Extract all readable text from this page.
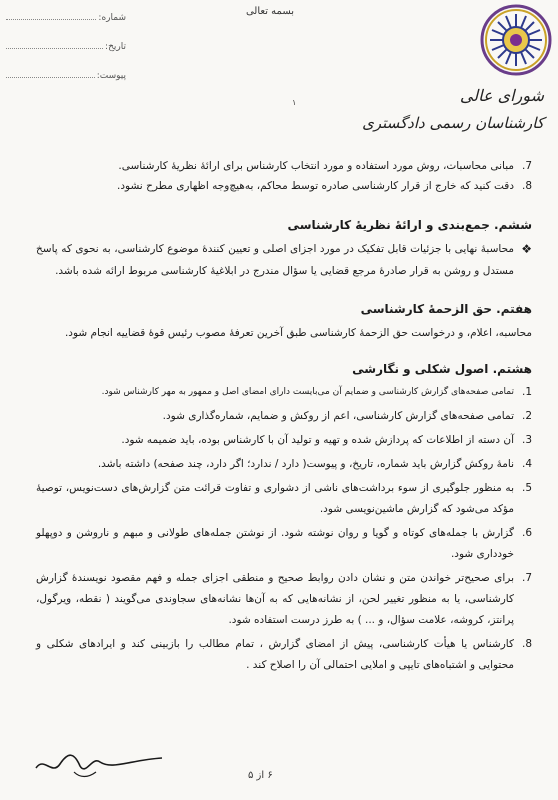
شماره:
تاریخ:
پیوست:
بسمه تعالی
۱	شورای عالی
کارشناسان رسمی دادگستری
7.
مبانی محاسبات، روش مورد استفاده و مورد انتخاب کارشناس برای ارائهٔ نظریهٔ کارشناسی.
8.
دقت کنید که خارج از قرار کارشناسی صادره توسط محاکم، به‌هیچ‌وجه اظهاری مطرح نشود.
ششم. جمع‌بندی و ارائهٔ نظریهٔ کارشناسی
❖
محاسبهٔ نهایی با جزئیات قابل تفکیک در مورد اجزای اصلی و تعیین کنندهٔ موضوع کارشناسی، به نحوی که پاسخ مستدل و روشن به قرار صادرهٔ مرجع قضایی یا سؤال مندرج در ابلاغیهٔ کارشناسی مربوط ارائه شده باشد.
هفتم. حق الزحمهٔ کارشناسی
محاسبه، اعلام، و درخواست حق الزحمهٔ کارشناسی طبق آخرین تعرفهٔ مصوب رئیس قوهٔ قضاییه انجام شود.
هشتم. اصول شکلی و نگارشی
1.
تمامی صفحه‌های گزارش کارشناسی و ضمایم آن می‌بایست دارای امضای اصل و ممهور به مهر کارشناس شود.
2.
تمامی صفحه‌های گزارش کارشناسی، اعم از روکش و ضمایم، شماره‌گذاری شود.
3.
آن دسته از اطلاعات که پردازش شده و تهیه و تولید آن با کارشناس بوده، باید ضمیمه شود.
4.
نامهٔ روکش گزارش باید شماره، تاریخ، و پیوست( دارد / ندارد؛ اگر دارد، چند صفحه) داشته باشد.
5.
به منظور جلوگیری از سوء برداشت‌های ناشی از دشواری و تفاوت قرائت متن گزارش‌های دست‌نویس، توصیهٔ مؤکد می‌شود که گزارش ماشین‌نویسی شود.
6.
گزارش با جمله‌های کوتاه و گویا و روان نوشته شود. از نوشتن جمله‌های طولانی و مبهم و ناروشن و دوپهلو خودداری شود.
7.
برای صحیح‌تر خواندن متن و نشان دادن روابط صحیح و منطقی اجزای جمله و فهم مقصود نویسندهٔ گزارش کارشناسی، یا به منظور تغییر لحن، از نشانه‌هایی که به آن‌ها نشانه‌های سجاوندی می‌گویند ( نقطه، ویرگول، پرانتز، کروشه، علامت سؤال، و ... ) به طرز درست استفاده شود.
8.
کارشناس یا هیأت کارشناسی، پیش از امضای گزارش ، تمام مطالب را بازبینی کند و ایرادهای شکلی و محتوایی و اشتباه‌های تایپی و املایی احتمالی آن را اصلاح کند .
۶ از ۵
